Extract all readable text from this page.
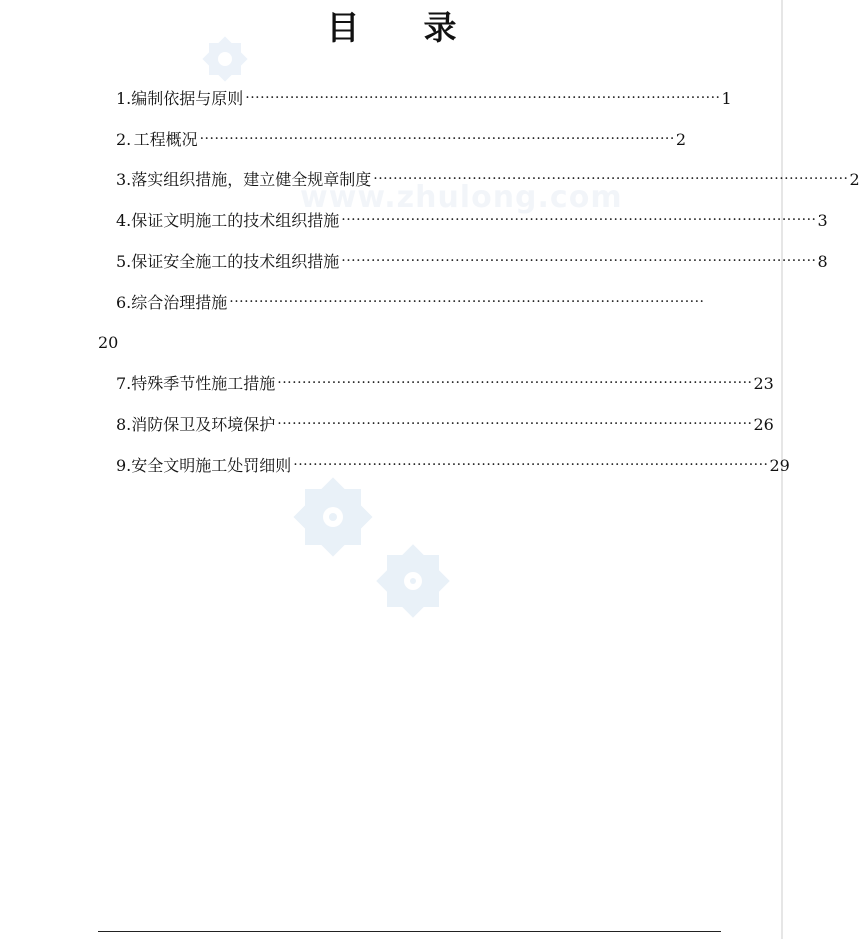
目 录
www.zhulong.com
1. 编制依据与原则 ································································································ 1
2. 工程概况 ································································································ 2
3. 落实组织措施，建立健全规章制度 ································································································ 2
4. 保证文明施工的技术组织措施 ································································································ 3
5. 保证安全施工的技术组织措施 ································································································ 8
6. 综合治理措施 ································································································
20
7. 特殊季节性施工措施 ································································································ 23
8. 消防保卫及环境保护 ································································································ 26
9. 安全文明施工处罚细则 ································································································ 29
